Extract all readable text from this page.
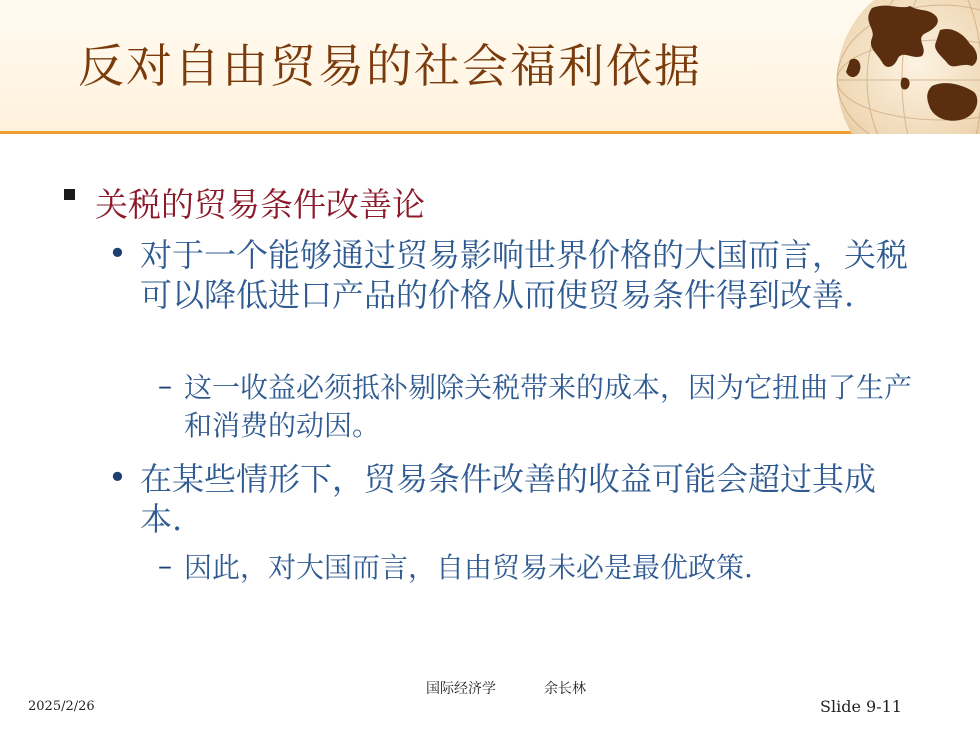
反对自由贸易的社会福利依据
关税的贸易条件改善论
• 对于一个能够通过贸易影响世界价格的大国而言，关税可以降低进口产品的价格从而使贸易条件得到改善.
– 这一收益必须抵补剔除关税带来的成本，因为它扭曲了生产和消费的动因。
• 在某些情形下，贸易条件改善的收益可能会超过其成本.
– 因此，对大国而言，自由贸易未必是最优政策.
2025/2/26
国际经济学	余长林
Slide 9-11
